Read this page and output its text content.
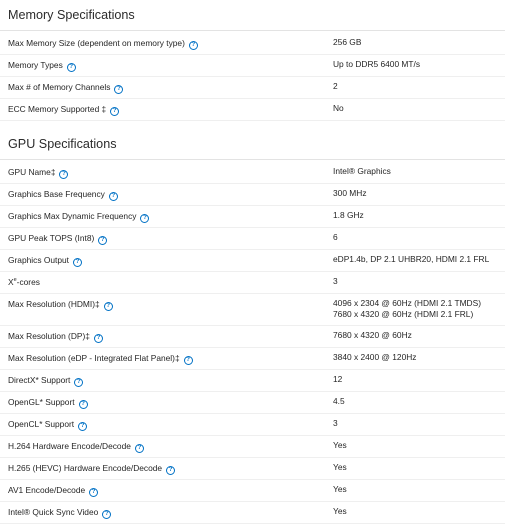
Memory Specifications
Max Memory Size (dependent on memory type) ?	256 GB
Memory Types ?	Up to DDR5 6400 MT/s
Max # of Memory Channels ?	2
ECC Memory Supported ‡ ?	No
GPU Specifications
GPU Name‡ ?	Intel® Graphics
Graphics Base Frequency ?	300 MHz
Graphics Max Dynamic Frequency ?	1.8 GHz
GPU Peak TOPS (Int8) ?	6
Graphics Output ?	eDP1.4b, DP 2.1 UHBR20, HDMI 2.1 FRL
Xe-cores	3
Max Resolution (HDMI)‡ ?	4096 x 2304 @ 60Hz (HDMI 2.1 TMDS)
7680 x 4320 @ 60Hz (HDMI 2.1 FRL)
Max Resolution (DP)‡ ?	7680 x 4320 @ 60Hz
Max Resolution (eDP - Integrated Flat Panel)‡ ?	3840 x 2400 @ 120Hz
DirectX* Support ?	12
OpenGL* Support ?	4.5
OpenCL* Support ?	3
H.264 Hardware Encode/Decode ?	Yes
H.265 (HEVC) Hardware Encode/Decode ?	Yes
AV1 Encode/Decode ?	Yes
Intel® Quick Sync Video ?	Yes
